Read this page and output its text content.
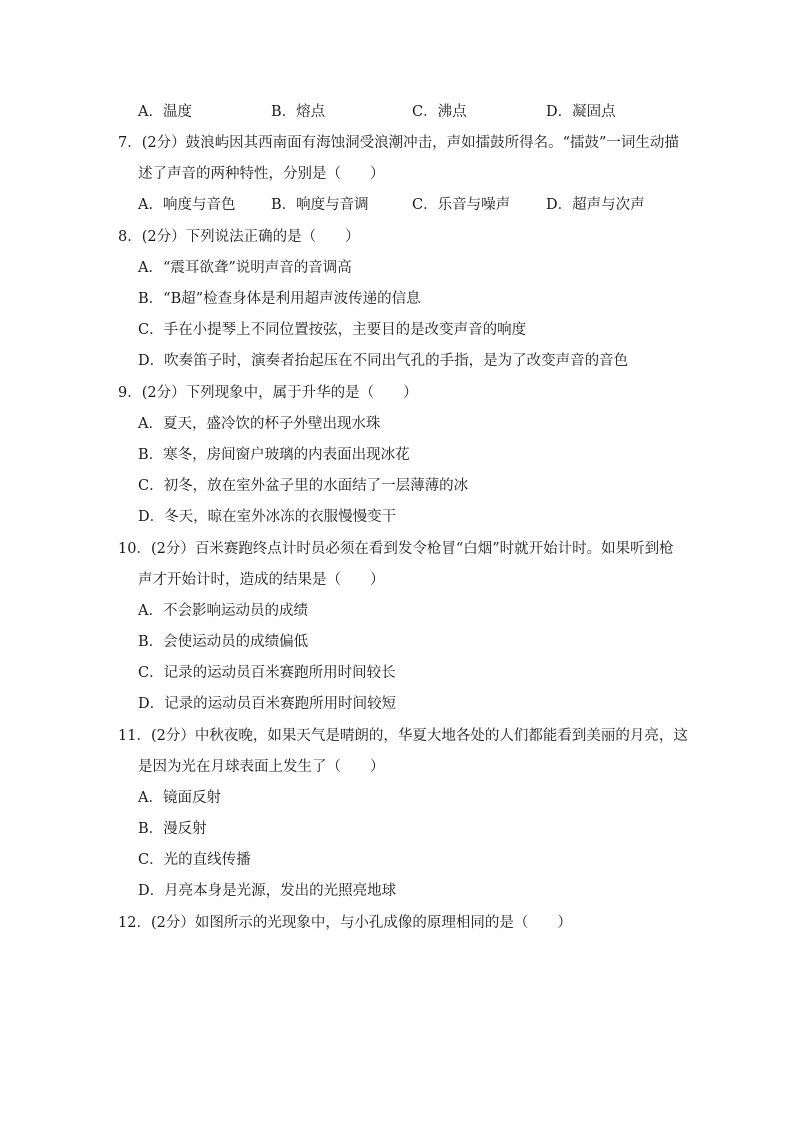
A．温度	B．熔点	C．沸点	D．凝固点
7．(2分）鼓浪屿因其西南面有海蚀洞受浪潮冲击，声如擂鼓所得名。“擂鼓”一词生动描
述了声音的两种特性，分别是（　　）
A．响度与音色 B．响度与音调	C．乐音与噪声 D．超声与次声
8．(2分）下列说法正确的是（　　）
A．“震耳欲聋”说明声音的音调高
B．“B超”检查身体是利用超声波传递的信息
C．手在小提琴上不同位置按弦，主要目的是改变声音的响度
D．吹奏笛子时，演奏者抬起压在不同出气孔的手指，是为了改变声音的音色
9．(2分）下列现象中，属于升华的是（　　）
A．夏天，盛冷饮的杯子外壁出现水珠
B．寒冬，房间窗户玻璃的内表面出现冰花
C．初冬，放在室外盆子里的水面结了一层薄薄的冰
D．冬天，晾在室外冰冻的衣服慢慢变干
10．(2分）百米赛跑终点计时员必须在看到发令枪冒“白烟”时就开始计时。如果听到枪
声才开始计时，造成的结果是（　　）
A．不会影响运动员的成绩
B．会使运动员的成绩偏低
C．记录的运动员百米赛跑所用时间较长
D．记录的运动员百米赛跑所用时间较短
11．(2分）中秋夜晚，如果天气是晴朗的，华夏大地各处的人们都能看到美丽的月亮，这
是因为光在月球表面上发生了（　　）
A．镜面反射
B．漫反射
C．光的直线传播
D．月亮本身是光源，发出的光照亮地球
12．(2分）如图所示的光现象中，与小孔成像的原理相同的是（　　）
